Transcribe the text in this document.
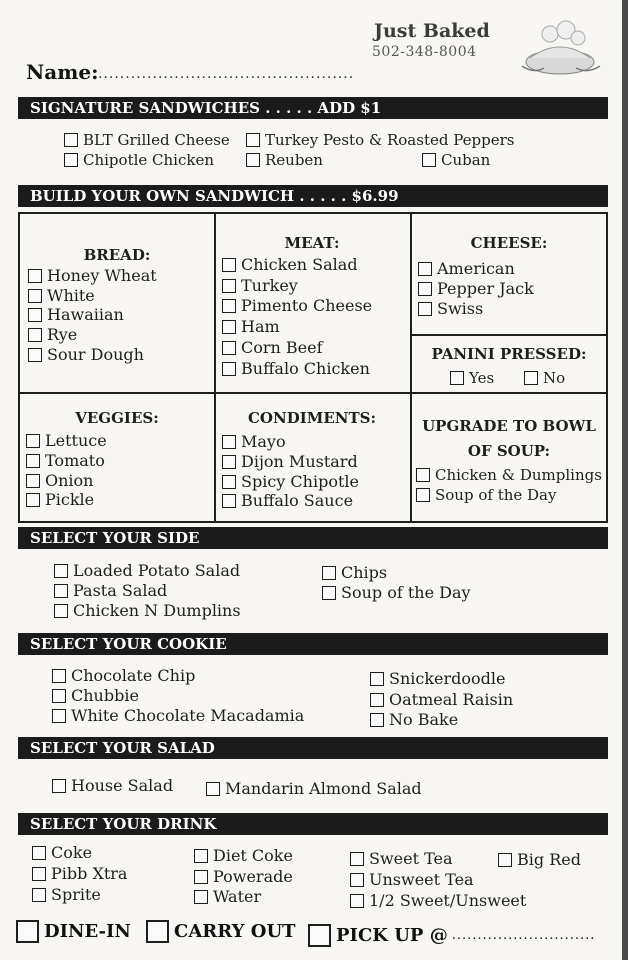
Name: ...............................................
Just Baked
502-348-8004
SIGNATURE SANDWICHES . . . . . ADD $1
BLT Grilled Cheese Turkey Pesto & Roasted Peppers
Chipotle Chicken	Reuben	Cuban
BUILD YOUR OWN SANDWICH . . . . . $6.99
BREAD:
Honey Wheat
White
Hawaiian
Rye
Sour Dough
MEAT:
Chicken Salad
Turkey
Pimento Cheese
Ham
Corn Beef
Buffalo Chicken
CHEESE:
American
Pepper Jack
Swiss
PANINI PRESSED:
Yes	No
VEGGIES:
Lettuce
Tomato
Onion
Pickle
CONDIMENTS:
Mayo
Dijon Mustard
Spicy Chipotle
Buffalo Sauce
UPGRADE TO BOWL
OF SOUP:
Chicken & Dumplings
Soup of the Day
SELECT YOUR SIDE
Loaded Potato Salad
Pasta Salad
Chicken N Dumplins
Chips
Soup of the Day
SELECT YOUR COOKIE
Chocolate Chip
Chubbie
White Chocolate Macadamia
Snickerdoodle
Oatmeal Raisin
No Bake
SELECT YOUR SALAD
House Salad	Mandarin Almond Salad
SELECT YOUR DRINK
Coke
Pibb Xtra
Sprite
Diet Coke
Powerade
Water
Sweet Tea
Unsweet Tea
1/2 Sweet/Unsweet
Big Red
DINE-IN CARRY OUT PICK UP @ ............................
